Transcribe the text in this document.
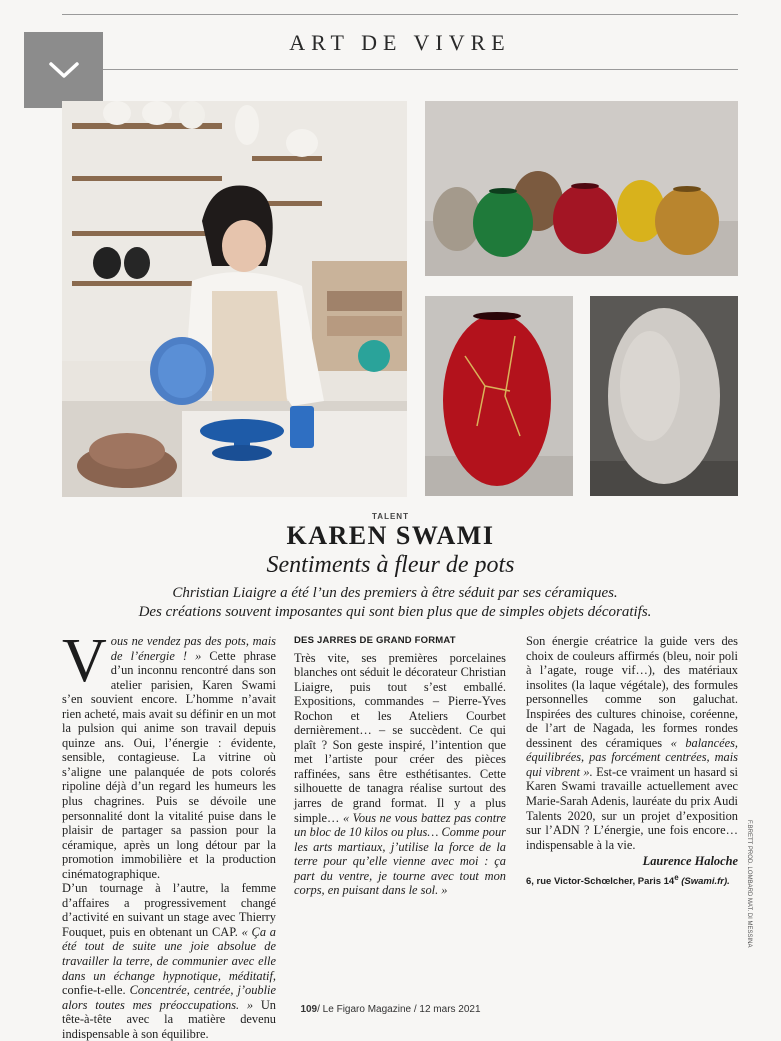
ART DE VIVRE
TALENT
KAREN SWAMI
Sentiments à fleur de pots
Christian Liaigre a été l’un des premiers à être séduit par ses céramiques.
Des créations souvent imposantes qui sont bien plus que de simples objets décoratifs.

Vous ne vendez pas des pots, mais de l’énergie ! » Cette phrase d’un inconnu rencontré dans son atelier parisien, Karen Swami s’en souvient encore. L’homme n’avait rien acheté, mais avait su définir en un mot la pulsion qui anime son travail depuis quinze ans. Oui, l’énergie : évidente, sensible, contagieuse. La vitrine où s’aligne une palanquée de pots colorés ripoline déjà d’un regard les humeurs les plus chagrines. Puis se dévoile une personnalité dont la vitalité puise dans le plaisir de partager sa passion pour la céramique, après un long détour par la promotion immobilière et la production cinématographique.

D’un tournage à l’autre, la femme d’affaires a progressivement changé d’activité en suivant un stage avec Thierry Fouquet, puis en obtenant un CAP. « Ça a été tout de suite une joie absolue de travailler la terre, de communier avec elle dans un échange hypnotique, méditatif, confie-t-elle. Concentrée, centrée, j’oublie alors toutes mes préoccupations. » Un tête-à-tête avec la matière devenu indispensable à son équilibre.

DES JARRES DE GRAND FORMAT

Très vite, ses premières porcelaines blanches ont séduit le décorateur Christian Liaigre, puis tout s’est emballé. Expositions, commandes – Pierre-Yves Rochon et les Ateliers Courbet dernièrement… – se succèdent. Ce qui plaît ? Son geste inspiré, l’intention que met l’artiste pour créer des pièces raffinées, sans être esthétisantes. Cette silhouette de tanagra réalise surtout des jarres de grand format. Il y a plus simple… « Vous ne vous battez pas contre un bloc de 10 kilos ou plus… Comme pour les arts martiaux, j’utilise la force de la terre pour qu’elle vienne avec moi : ça part du ventre, je tourne avec tout mon corps, en puisant dans le sol. »

Son énergie créatrice la guide vers des choix de couleurs affirmés (bleu, noir poli à l’agate, rouge vif…), des matériaux insolites (la laque végétale), des formules personnelles comme son galuchat. Inspirées des cultures chinoise, coréenne, de l’art de Nagada, les formes rondes dessinent des céramiques « balancées, équilibrées, pas forcément centrées, mais qui vibrent ». Est-ce vraiment un hasard si Karen Swami travaille actuellement avec Marie-Sarah Adenis, lauréate du prix Audi Talents 2020, sur un projet d’exposition sur l’ADN ? L’énergie, une fois encore… indispensable à la vie.

Laurence Haloche

6, rue Victor-Schœlcher, Paris 14e (Swami.fr).	F.BRETT PROD. LOMBARD MAT. DI MESSINA
109/ Le Figaro Magazine / 12 mars 2021
